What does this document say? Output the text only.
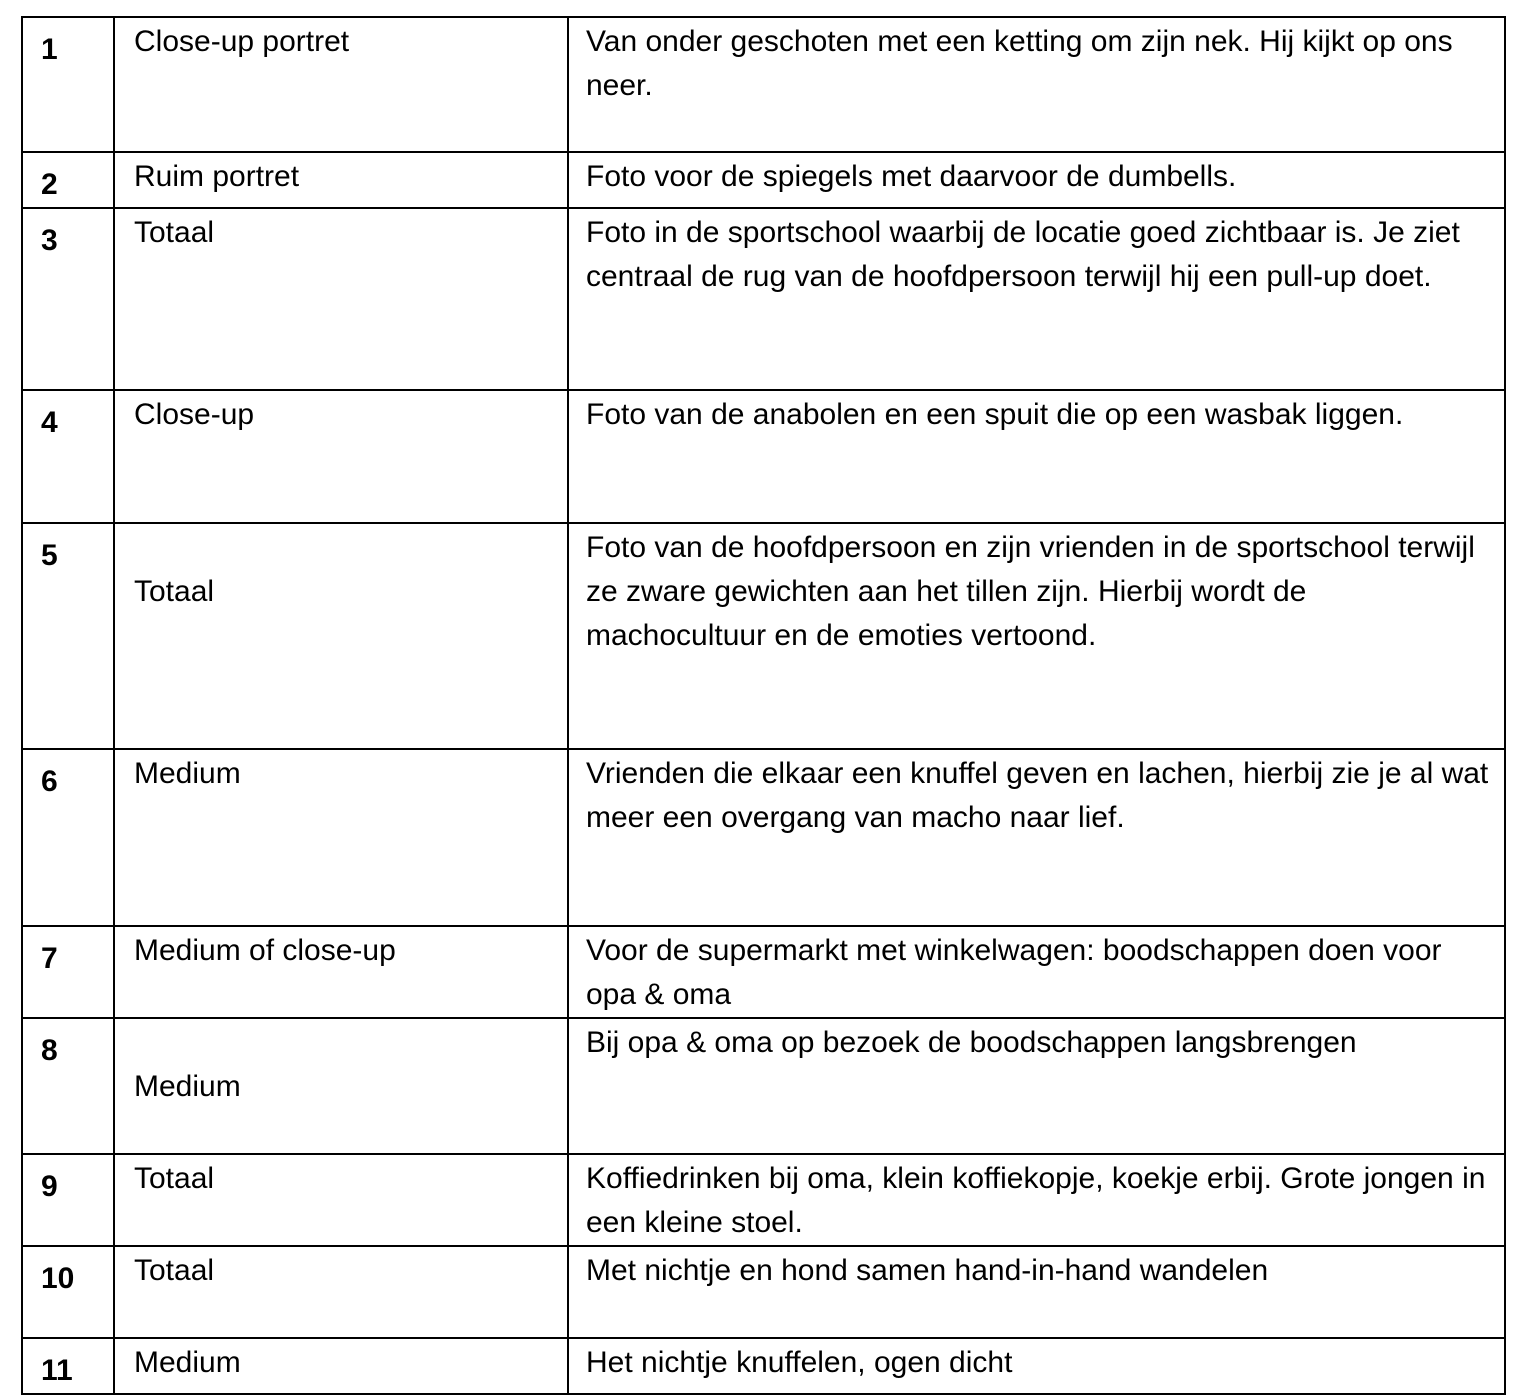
1	Close-up portret	Van onder geschoten met een ketting om zijn nek. Hij kijkt op ons neer.
2	Ruim portret	Foto voor de spiegels met daarvoor de dumbells.
3	Totaal	Foto in de sportschool waarbij de locatie goed zichtbaar is. Je ziet centraal de rug van de hoofdpersoon terwijl hij een pull-up doet.
4	Close-up	Foto van de anabolen en een spuit die op een wasbak liggen.
5	Totaal	Foto van de hoofdpersoon en zijn vrienden in de sportschool terwijl ze zware gewichten aan het tillen zijn. Hierbij wordt de machocultuur en de emoties vertoond.
6	Medium	Vrienden die elkaar een knuffel geven en lachen, hierbij zie je al wat meer een overgang van macho naar lief.
7	Medium of close-up	Voor de supermarkt met winkelwagen: boodschappen doen voor opa & oma
8	Medium	Bij opa & oma op bezoek de boodschappen langsbrengen
9	Totaal	Koffiedrinken bij oma, klein koffiekopje, koekje erbij. Grote jongen in een kleine stoel.
10	Totaal	Met nichtje en hond samen hand-in-hand wandelen
11	Medium	Het nichtje knuffelen, ogen dicht
